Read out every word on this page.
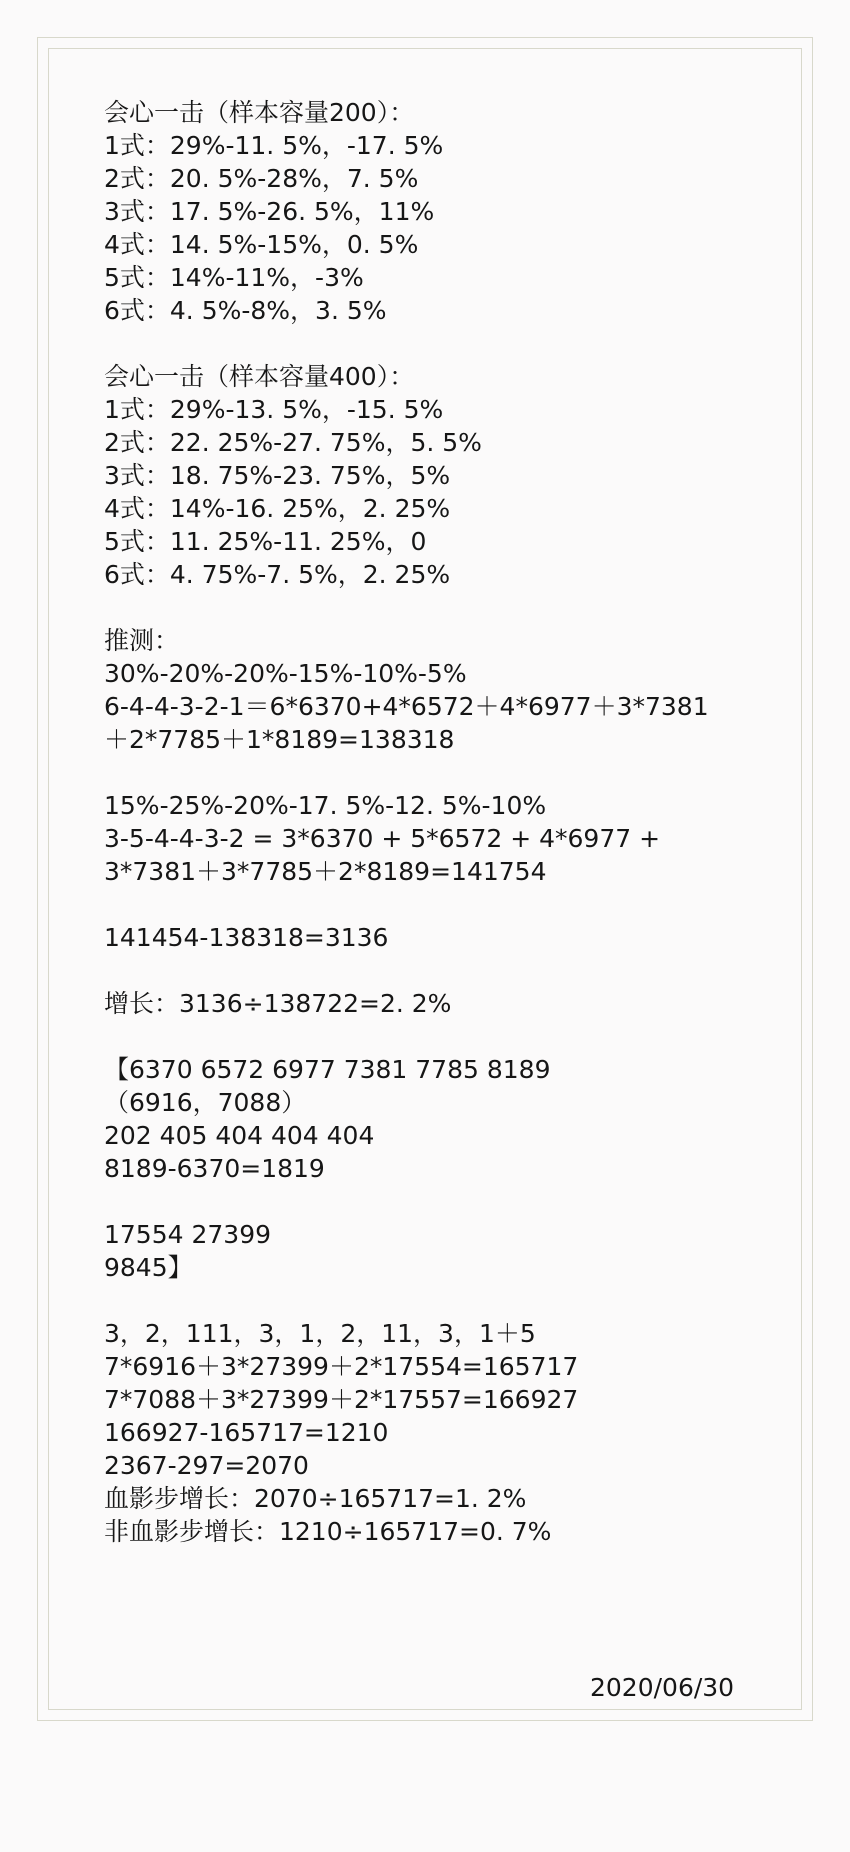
会心一击（样本容量200）：
1式：29%-11. 5%，-17. 5%
2式：20. 5%-28%，7. 5%
3式：17. 5%-26. 5%，11%
4式：14. 5%-15%，0. 5%
5式：14%-11%，-3%
6式：4. 5%-8%，3. 5%
会心一击（样本容量400）：
1式：29%-13. 5%，-15. 5%
2式：22. 25%-27. 75%，5. 5%
3式：18. 75%-23. 75%，5%
4式：14%-16. 25%，2. 25%
5式：11. 25%-11. 25%，0
6式：4. 75%-7. 5%，2. 25%
推测：
30%-20%-20%-15%-10%-5%
6-4-4-3-2-1＝6*6370+4*6572＋4*6977＋3*7381
＋2*7785＋1*8189=138318
15%-25%-20%-17. 5%-12. 5%-10%
3-5-4-4-3-2 = 3*6370 + 5*6572 + 4*6977 +
3*7381＋3*7785＋2*8189=141754
141454-138318=3136
增长：3136÷138722=2. 2%
【6370 6572 6977 7381 7785 8189
（6916，7088）
202 405 404 404 404
8189-6370=1819
17554 27399
9845】
3，2，111，3，1，2，11，3，1＋5
7*6916＋3*27399＋2*17554=165717
7*7088＋3*27399＋2*17557=166927
166927-165717=1210
2367-297=2070
血影步增长：2070÷165717=1. 2%
非血影步增长：1210÷165717=0. 7%
2020/06/30
